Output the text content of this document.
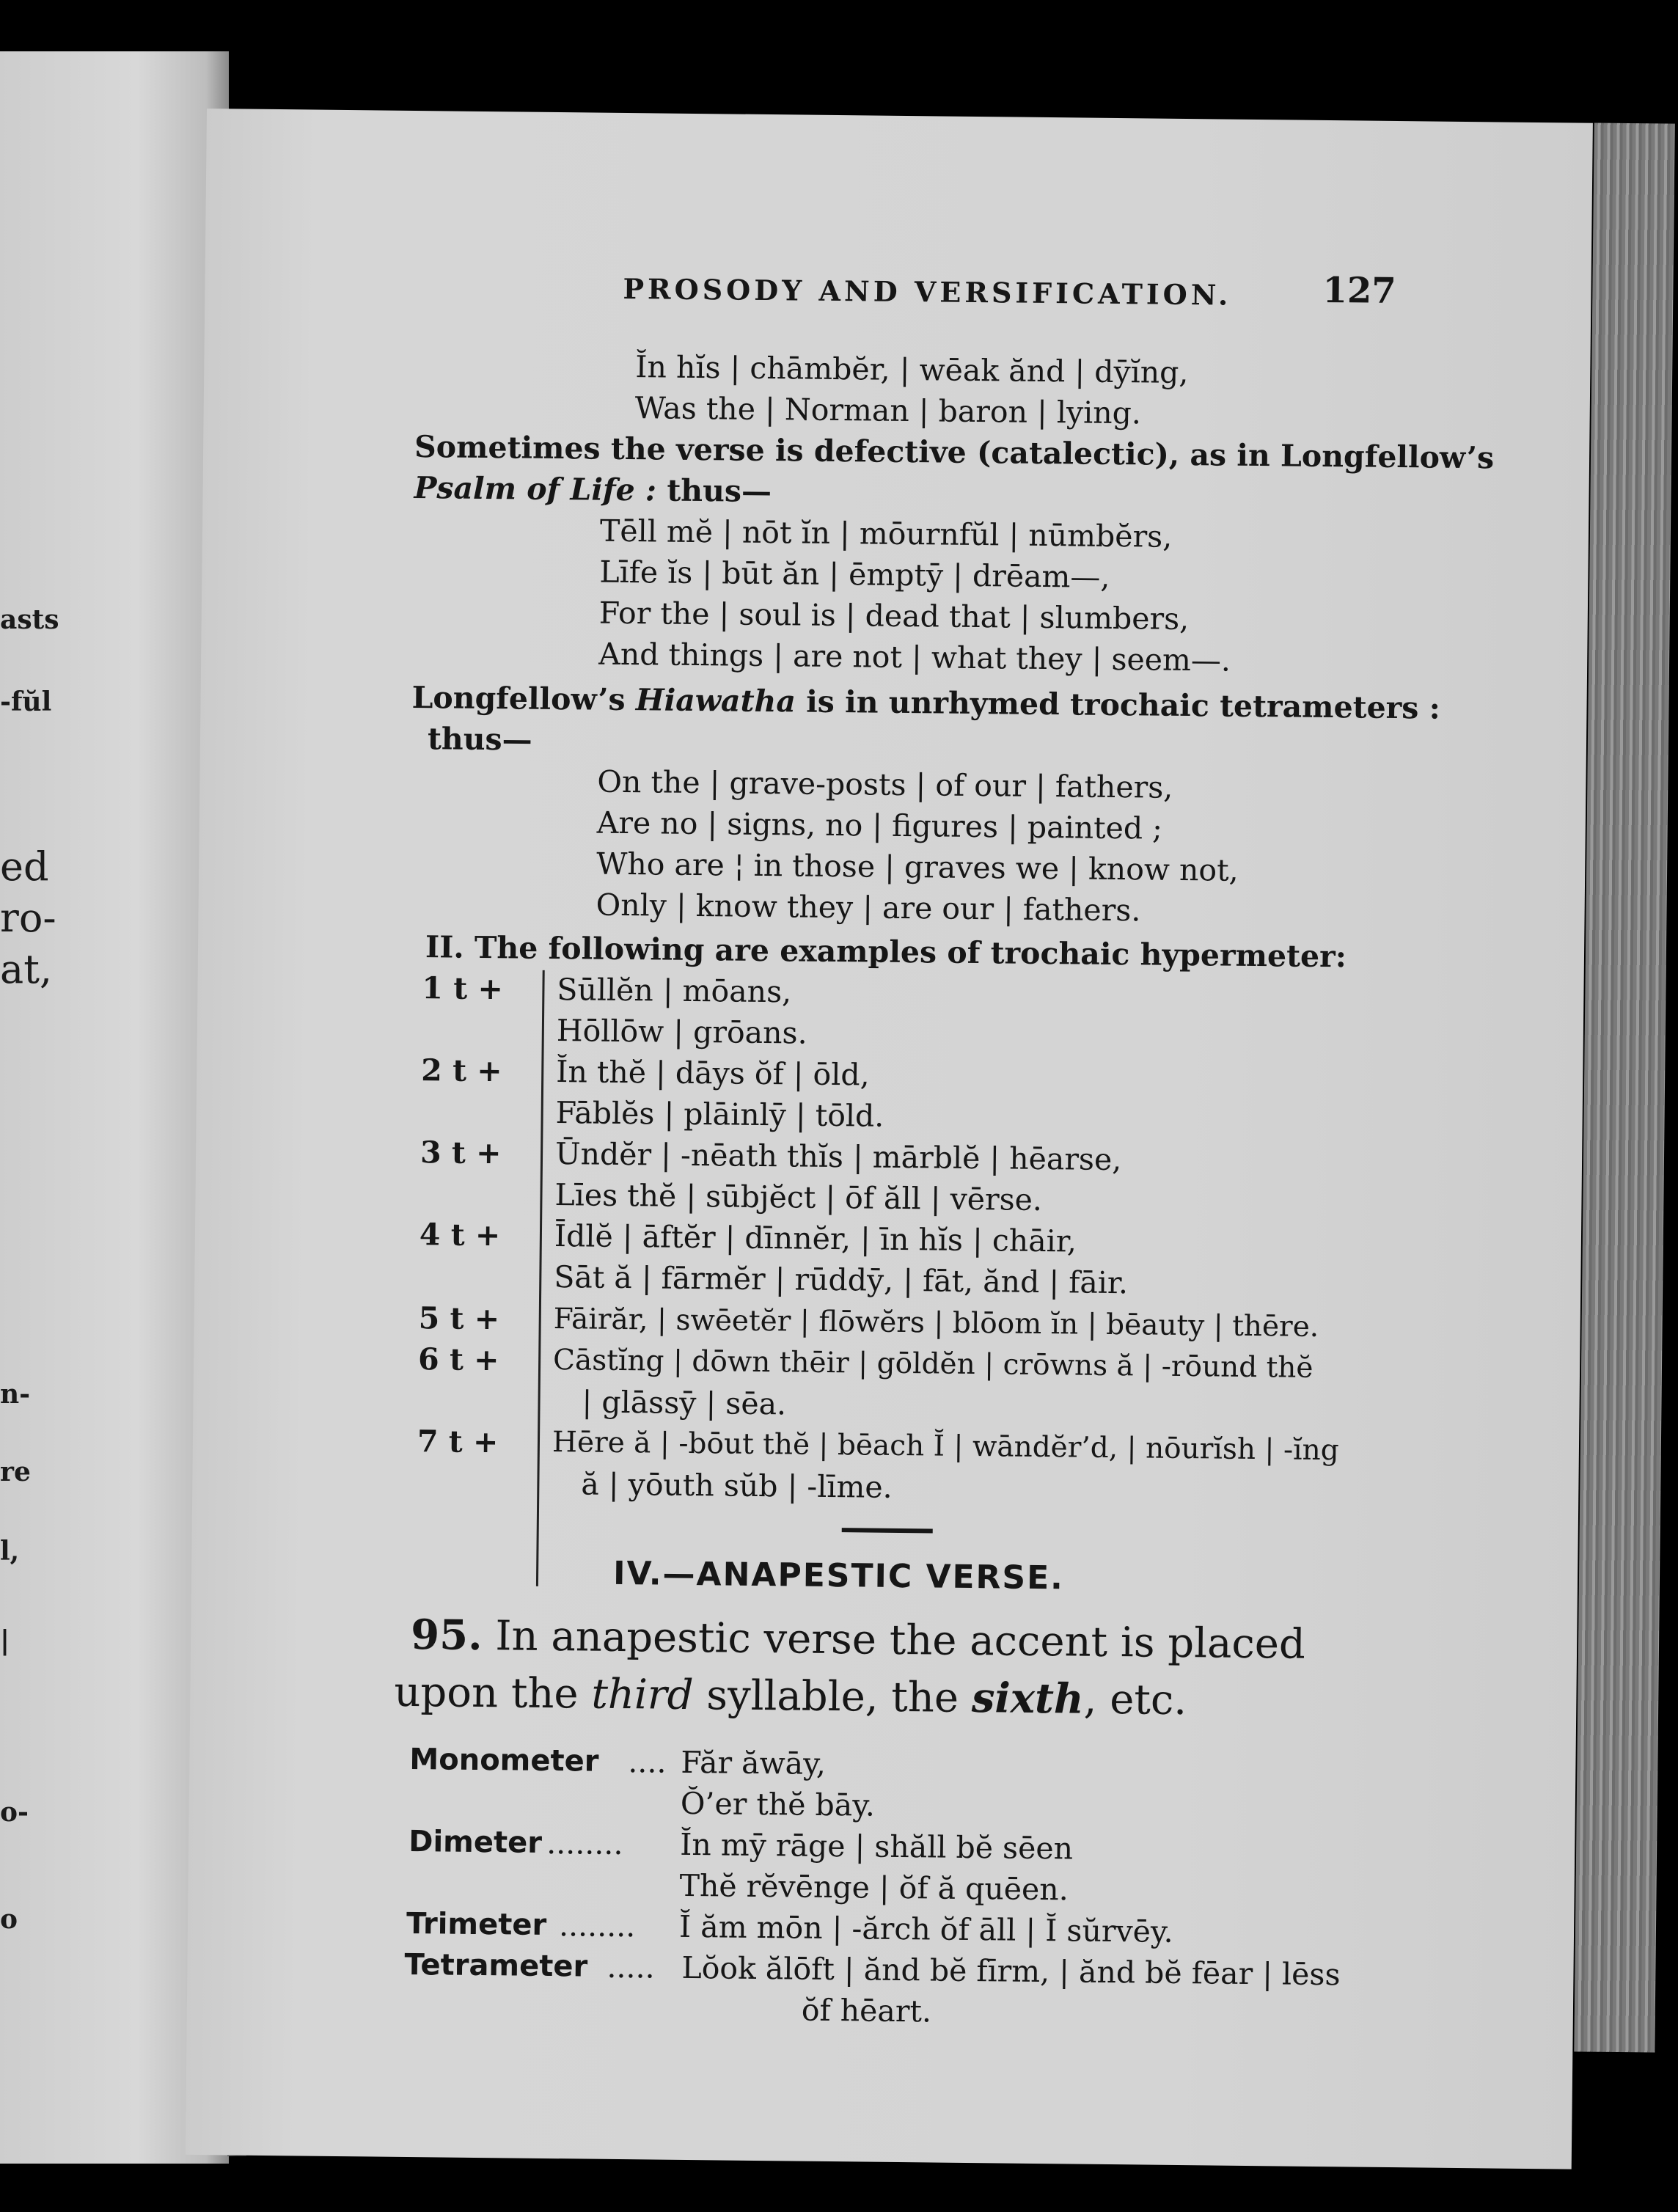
asts
-fŭl
ed
ro-
at,
n-
re
l,
|
o-
o
PROSODY AND VERSIFICATION.	127
Ĭn hĭs | chāmbĕr, | wēak ănd | dȳĭng,
Was the | Norman | baron | lying.
Sometimes the verse is defective (catalectic), as in Longfellow’s
Psalm of Life : thus—
Tēll mĕ | nōt ĭn | mōurnfŭl | nūmbĕrs,
Līfe ĭs | būt ăn | ēmptȳ | drēam—,
For the | soul is | dead that | slumbers,
And things | are not | what they | seem—.
Longfellow’s Hiawatha is in unrhymed trochaic tetrameters :
thus—
On the | grave-posts | of our | fathers,
Are no | signs, no | figures | painted ;
Who are ¦ in those | graves we | know not,
Only | know they | are our | fathers.
II. The following are examples of trochaic hypermeter:
1 t + Sūllĕn | mōans,
Hōllōw | grōans.
2 t + Ĭn thĕ | dāys ŏf | ōld,
Fāblĕs | plāinlȳ | tōld.
3 t + Ūndĕr | -nēath thĭs | mārblĕ | hēarse,
Līes thĕ | sūbjĕct | ōf ăll | vērse.
4 t + Īdlĕ | āftĕr | dīnnĕr, | īn hĭs | chāir,
Sāt ă | fārmĕr | rūddȳ, | fāt, ănd | fāir.
5 t + Fāirăr, | swēetĕr | flōwĕrs | blōom ĭn | bēauty | thēre.
6 t + Cāstĭng | dōwn thēir | gōldĕn | crōwns ă | -rōund thĕ
| glāssȳ | sēa.
7 t + Hēre ă | -bōut thĕ | bēach Ĭ | wāndĕr’d, | nōurĭsh | -ĭng
ă | yōuth sŭb | -līme.
IV.—ANAPESTIC VERSE.
95. In anapestic verse the accent is placed
upon the third syllable, the sixth, etc.
Monometer .... Făr ăwāy,
Ŏ’er thĕ bāy.
Dimeter ........ Ĭn mȳ rāge | shăll bĕ sēen
Thĕ rĕvēnge | ŏf ă quēen.
Trimeter ........ Ĭ ăm mōn | -ărch ŏf āll | Ĭ sŭrvēy.
Tetrameter ..... Lŏok ălōft | ănd bĕ fīrm, | ănd bĕ fēar | lēss
ŏf hēart.
